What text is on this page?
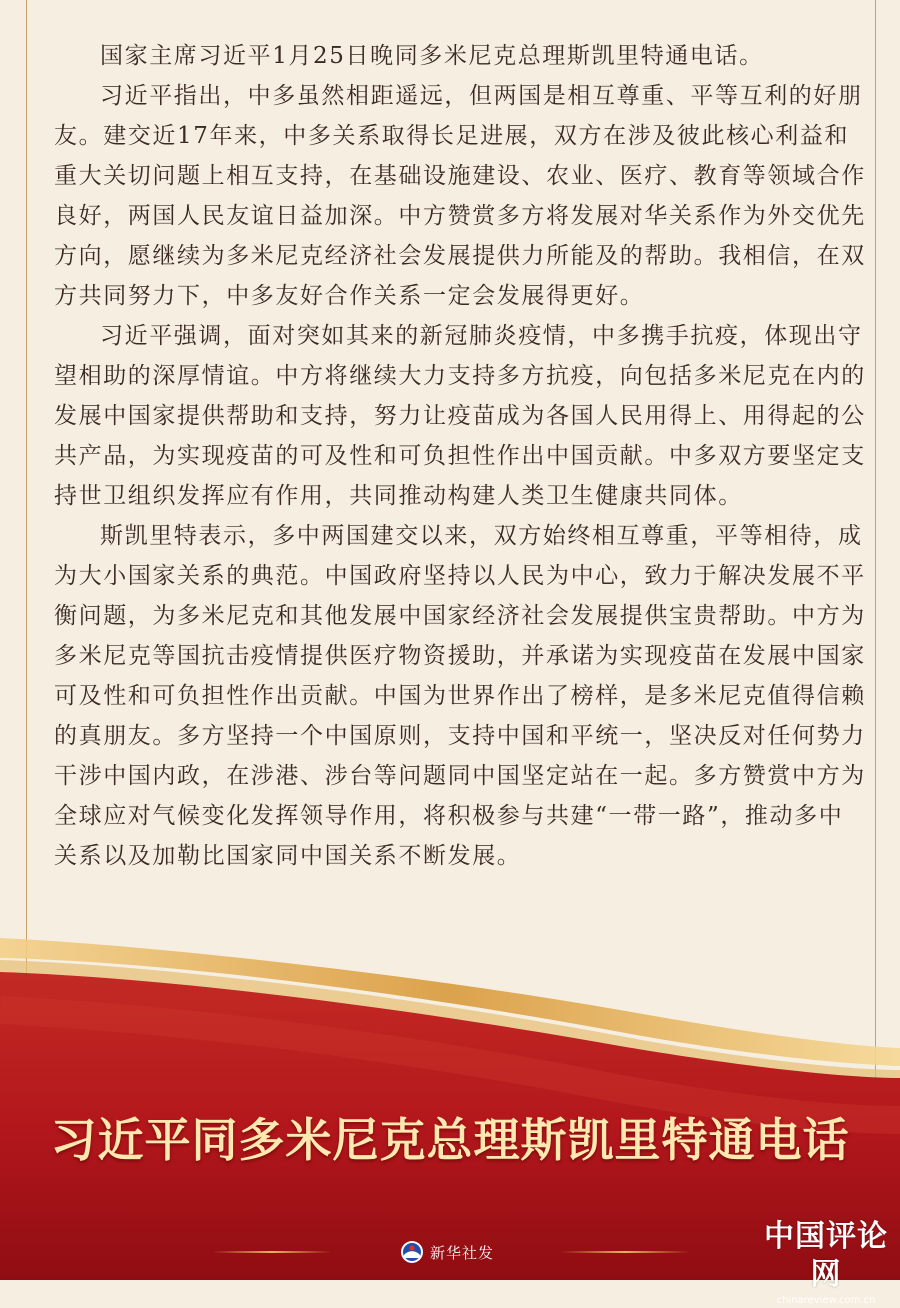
国家主席习近平1月25日晚同多米尼克总理斯凯里特通电话。

习近平指出，中多虽然相距遥远，但两国是相互尊重、平等互利的好朋友。建交近17年来，中多关系取得长足进展，双方在涉及彼此核心利益和重大关切问题上相互支持，在基础设施建设、农业、医疗、教育等领域合作良好，两国人民友谊日益加深。中方赞赏多方将发展对华关系作为外交优先方向，愿继续为多米尼克经济社会发展提供力所能及的帮助。我相信，在双方共同努力下，中多友好合作关系一定会发展得更好。

习近平强调，面对突如其来的新冠肺炎疫情，中多携手抗疫，体现出守望相助的深厚情谊。中方将继续大力支持多方抗疫，向包括多米尼克在内的发展中国家提供帮助和支持，努力让疫苗成为各国人民用得上、用得起的公共产品，为实现疫苗的可及性和可负担性作出中国贡献。中多双方要坚定支持世卫组织发挥应有作用，共同推动构建人类卫生健康共同体。

斯凯里特表示，多中两国建交以来，双方始终相互尊重，平等相待，成为大小国家关系的典范。中国政府坚持以人民为中心，致力于解决发展不平衡问题，为多米尼克和其他发展中国家经济社会发展提供宝贵帮助。中方为多米尼克等国抗击疫情提供医疗物资援助，并承诺为实现疫苗在发展中国家可及性和可负担性作出贡献。中国为世界作出了榜样，是多米尼克值得信赖的真朋友。多方坚持一个中国原则，支持中国和平统一，坚决反对任何势力干涉中国内政，在涉港、涉台等问题同中国坚定站在一起。多方赞赏中方为全球应对气候变化发挥领导作用，将积极参与共建“一带一路”，推动多中关系以及加勒比国家同中国关系不断发展。

习近平同多米尼克总理斯凯里特通电话
新华社发	中国评论网
chinareview.com.cn
